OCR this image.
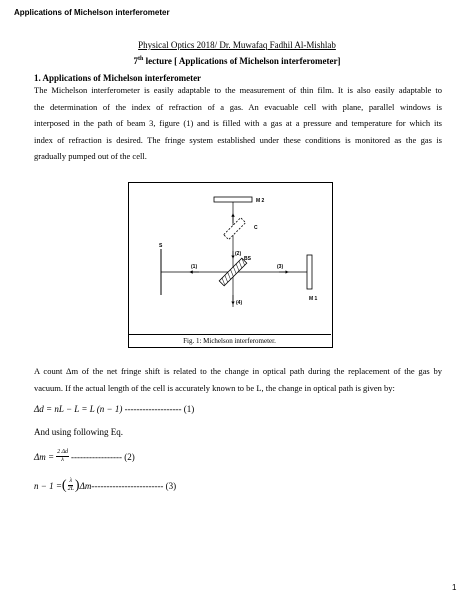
Applications of Michelson interferometer
Physical Optics 2018/ Dr. Muwafaq Fadhil Al-Mishlab
7th lecture [ Applications of Michelson interferometer]
1. Applications of Michelson interferometer
The Michelson interferometer is easily adaptable to the measurement of thin film. It is also easily adaptable to
the determination of the index of refraction of a gas. An evacuable cell with plane, parallel windows is
interposed in the path of beam 3, figure (1) and is filled with a gas at a pressure and temperature for which its
index of refraction is desired. The fringe system established under these conditions is monitored as the gas is
gradually pumped out of the cell.
M 2
M 1
S
C
BS
(1)
(2)
(3)
(4)
Fig. 1: Michelson interferometer.
A count Δm of the net fringe shift is related to the change in optical path during the replacement of the gas by
vacuum. If the actual length of the cell is accurately known to be L, the change in optical path is given by:
Δd = nL − L = L (n − 1) ------------------- (1)
And using following Eq.
$\Delta m = \frac{2 \Delta d}{\lambda}$ ----------------- (2)
n − 1 = ( $\frac{\lambda}{2L}$ ) Δm ------------------------ (3)
1
